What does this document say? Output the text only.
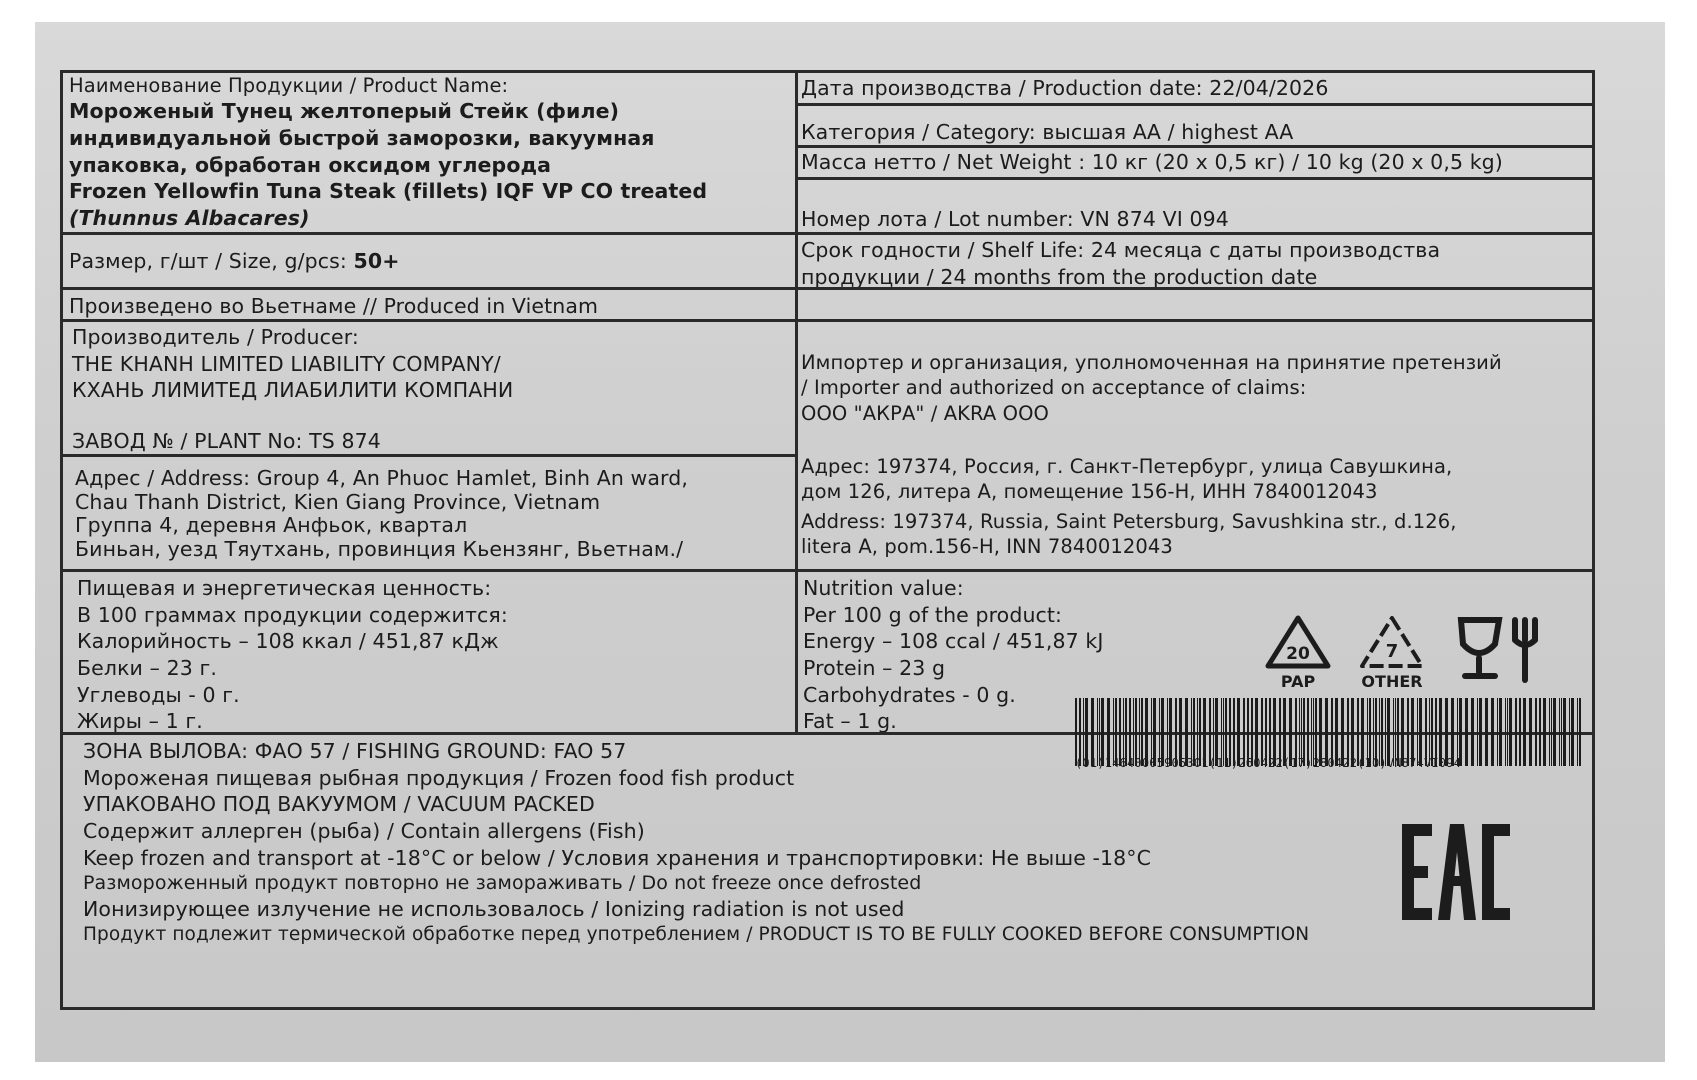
Наименование Продукции / Product Name:
Мороженый Тунец желтоперый Стейк (филе)
индивидуальной быстрой заморозки, вакуумная
упаковка, обработан оксидом углерода
Frozen Yellowfin Tuna Steak (fillets) IQF VP CO treated
(Thunnus Albacares)
Дата производства / Production date: 22/04/2026
Категория / Category: высшая АА / highest AA
Масса нетто / Net Weight : 10 кг (20 х 0,5 кг) / 10 kg (20 х 0,5 kg)
Номер лота / Lot number: VN 874 VI 094
Размер, г/шт / Size, g/pcs: 50+	Срок годности / Shelf Life: 24 месяца с даты производства
продукции / 24 months from the production date
Произведено во Вьетнаме // Produced in Vietnam
Производитель / Producer:
THE KHANH LIMITED LIABILITY COMPANY/
КХАНЬ ЛИМИТЕД ЛИАБИЛИТИ КОМПАНИ
ЗАВОД № / PLANT No: TS 874
Адрес / Address: Group 4, An Phuoc Hamlet, Binh An ward,
Chau Thanh District, Kien Giang Province, Vietnam
Группа 4, деревня Анфьок, квартал
Биньан, уезд Тяутхань, провинция Кьензянг, Вьетнам./
Импортер и организация, уполномоченная на принятие претензий
/ Importer and authorized on acceptance of claims:
ООО "АКРА" / AKRA OOO
Адрес: 197374, Россия, г. Санкт-Петербург, улица Савушкина,
дом 126, литера А, помещение 156-Н, ИНН 7840012043
Address: 197374, Russia, Saint Petersburg, Savushkina str., d.126,
litera A, pom.156-H, INN 7840012043
Пищевая и энергетическая ценность:
В 100 граммах продукции содержится:
Калорийность – 108 ккал / 451,87 кДж
Белки – 23 г.
Углеводы - 0 г.
Жиры – 1 г.
Nutrition value:
Per 100 g of the product:
Energy – 108 ccal / 451,87 kJ
Protein – 23 g
Carbohydrates - 0 g.
Fat – 1 g.
ЗОНА ВЫЛОВА: ФАО 57 / FISHING GROUND: FAO 57
Мороженая пищевая рыбная продукция / Frozen food fish product
УПАКОВАНО ПОД ВАКУУМОМ / VACUUM PACKED
Содержит аллерген (рыба) / Contain allergens (Fish)
Keep frozen and transport at -18°C or below / Условия хранения и транспортировки: Не выше -18°C
Размороженный продукт повторно не замораживать / Do not freeze once defrosted
Ионизирующее излучение не использовалось / Ionizing radiation is not used
Продукт подлежит термической обработке перед употреблением / PRODUCT IS TO BE FULLY COOKED BEFORE CONSUMPTION
20
PAP
7
OTHER
(01)14640005905301(11)260422(17)280422(10)VN874VI094
